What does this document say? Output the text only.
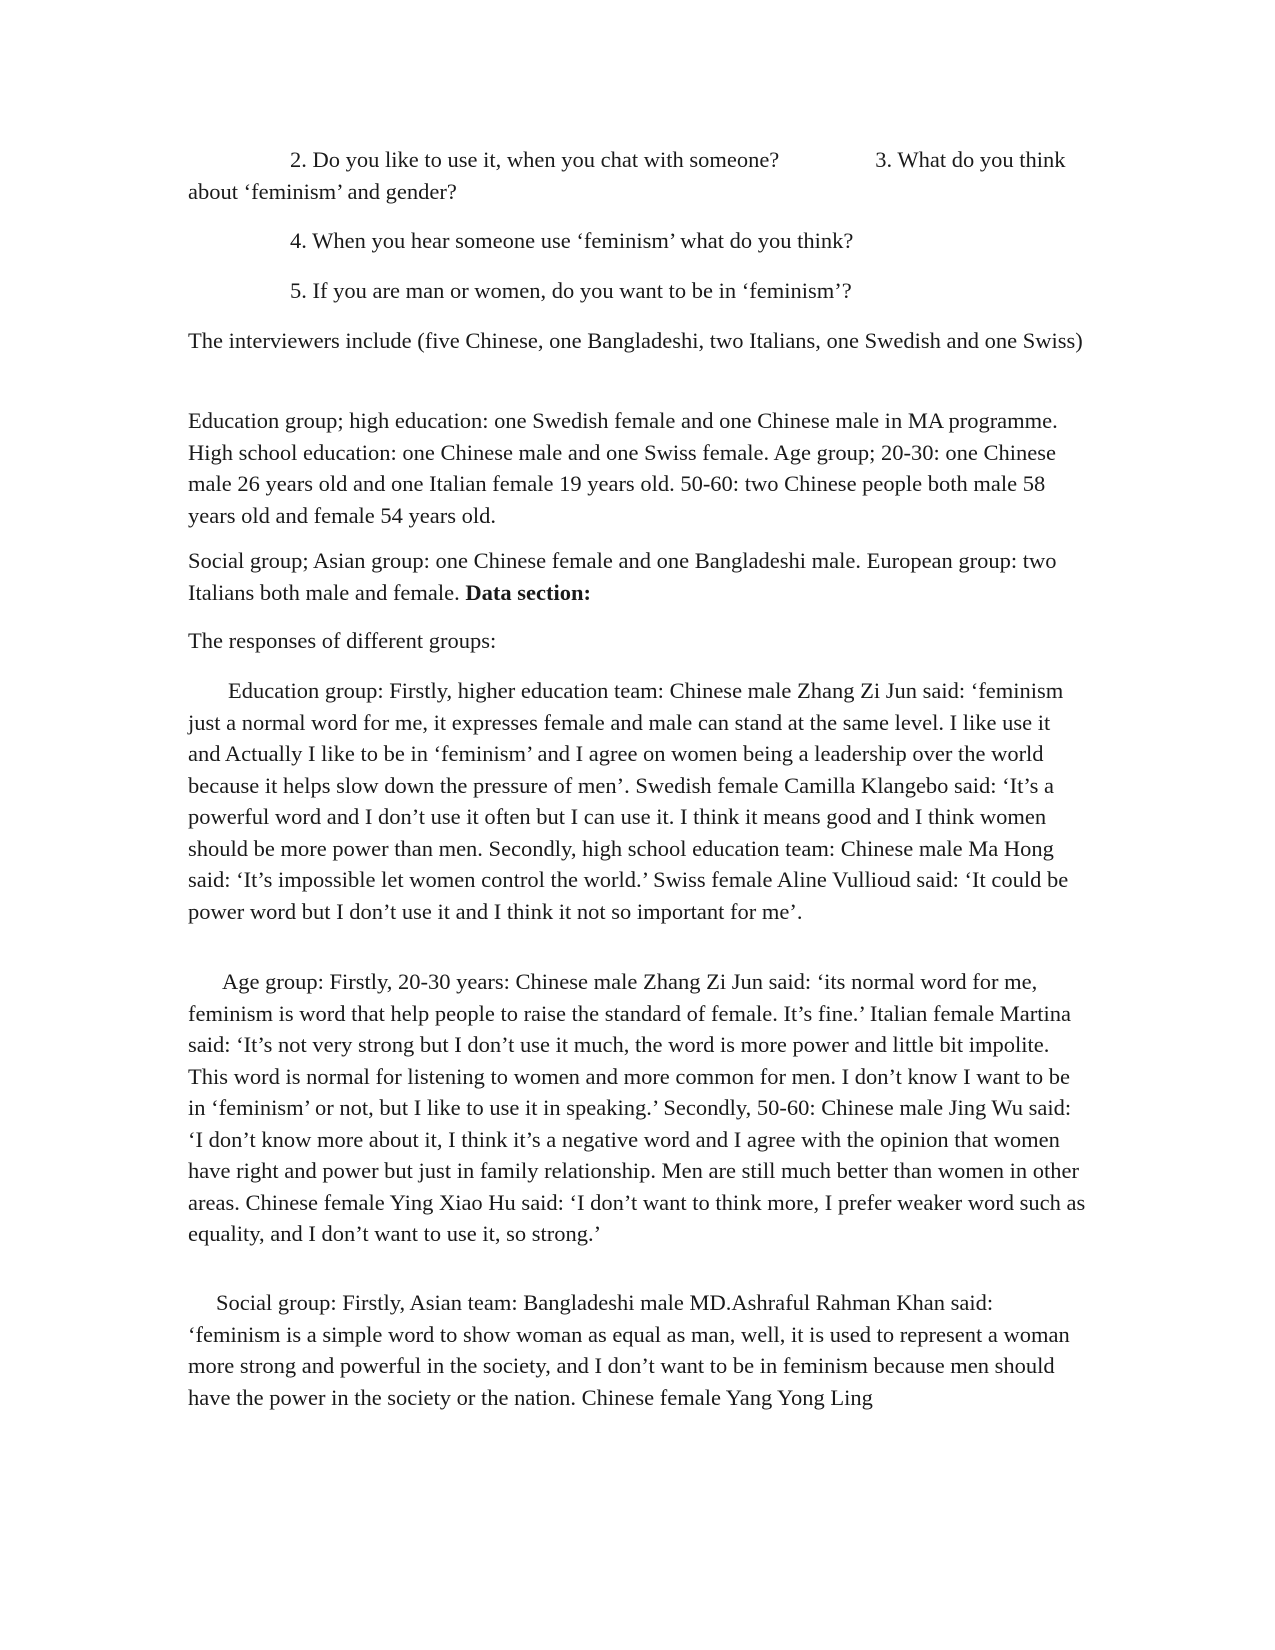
2. Do you like to use it, when you chat with someone?	3. What do you think about ‘feminism’ and gender?

4. When you hear someone use ‘feminism’ what do you think?

5. If you are man or women, do you want to be in ‘feminism’?

The interviewers include (five Chinese, one Bangladeshi, two Italians, one Swedish and one Swiss)

Education group; high education: one Swedish female and one Chinese male in MA programme. High school education: one Chinese male and one Swiss female. Age group; 20-30: one Chinese male 26 years old and one Italian female 19 years old. 50-60: two Chinese people both male 58 years old and female 54 years old.

Social group; Asian group: one Chinese female and one Bangladeshi male. European group: two Italians both male and female. Data section:

The responses of different groups:

Education group: Firstly, higher education team: Chinese male Zhang Zi Jun said: ‘feminism just a normal word for me, it expresses female and male can stand at the same level. I like use it and Actually I like to be in ‘feminism’ and I agree on women being a leadership over the world because it helps slow down the pressure of men’. Swedish female Camilla Klangebo said: ‘It’s a powerful word and I don’t use it often but I can use it. I think it means good and I think women should be more power than men. Secondly, high school education team: Chinese male Ma Hong said: ‘It’s impossible let women control the world.’ Swiss female Aline Vullioud said: ‘It could be power word but I don’t use it and I think it not so important for me’.

Age group: Firstly, 20-30 years: Chinese male Zhang Zi Jun said: ‘its normal word for me, feminism is word that help people to raise the standard of female. It’s fine.’ Italian female Martina said: ‘It’s not very strong but I don’t use it much, the word is more power and little bit impolite. This word is normal for listening to women and more common for men. I don’t know I want to be in ‘feminism’ or not, but I like to use it in speaking.’ Secondly, 50-60: Chinese male Jing Wu said: ‘I don’t know more about it, I think it’s a negative word and I agree with the opinion that women have right and power but just in family relationship. Men are still much better than women in other areas. Chinese female Ying Xiao Hu said: ‘I don’t want to think more, I prefer weaker word such as equality, and I don’t want to use it, so strong.’

Social group: Firstly, Asian team: Bangladeshi male MD.Ashraful Rahman Khan said: ‘feminism is a simple word to show woman as equal as man, well, it is used to represent a woman more strong and powerful in the society, and I don’t want to be in feminism because men should have the power in the society or the nation. Chinese female Yang Yong Ling
